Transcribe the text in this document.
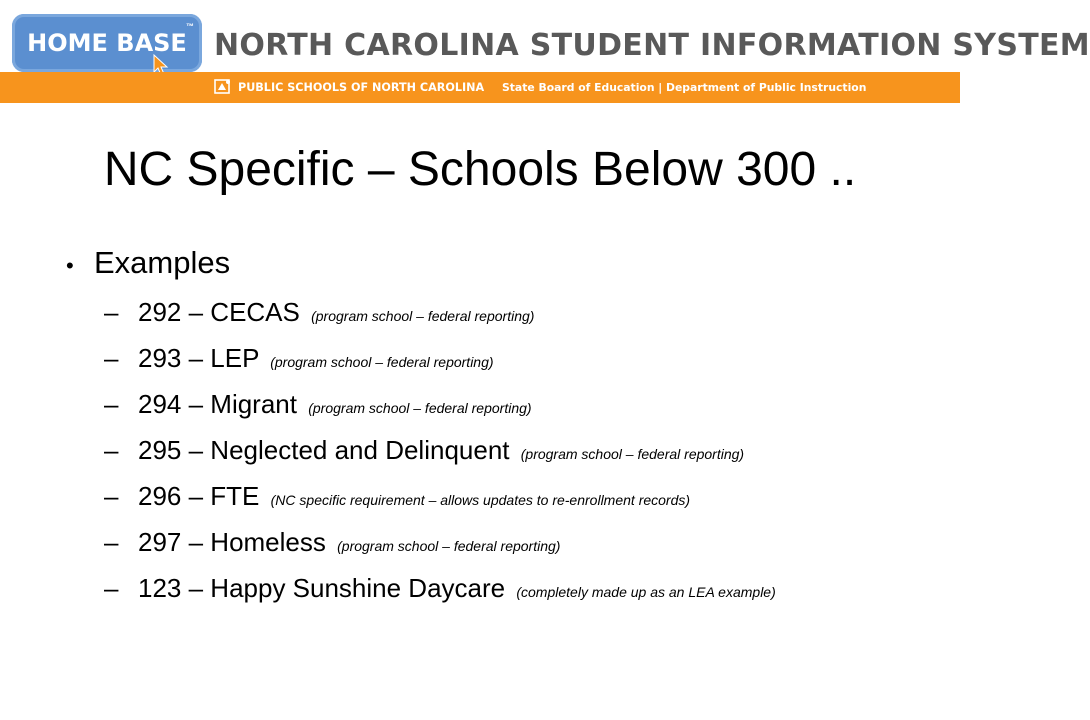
HOME BASE
™
NORTH CAROLINA STUDENT INFORMATION SYSTEM
PUBLIC SCHOOLS OF NORTH CAROLINA State Board of Education | Department of Public Instruction
NC Specific – Schools Below 300 ..
• Examples
– 292 – CECAS (program school – federal reporting)
– 293 – LEP (program school – federal reporting)
– 294 – Migrant (program school – federal reporting)
– 295 – Neglected and Delinquent (program school – federal reporting)
– 296 – FTE (NC specific requirement – allows updates to re-enrollment records)
– 297 – Homeless (program school – federal reporting)
– 123 – Happy Sunshine Daycare (completely made up as an LEA example)
